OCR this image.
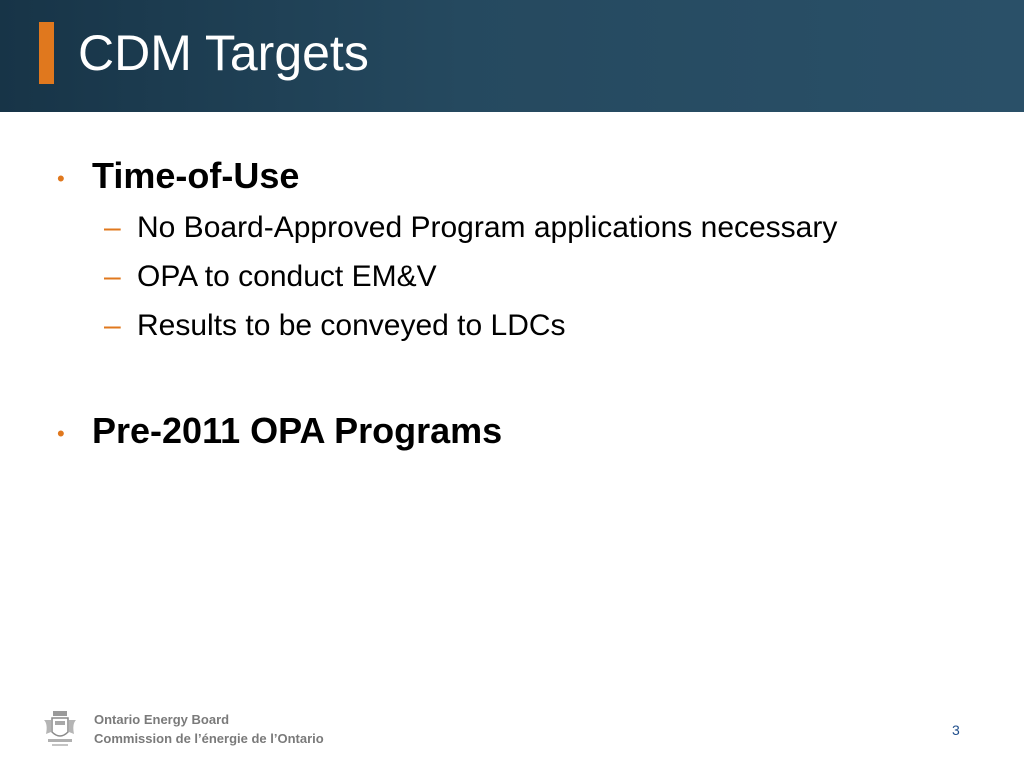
CDM Targets
• Time-of-Use
– No Board-Approved Program applications necessary
– OPA to conduct EM&V
– Results to be conveyed to LDCs
• Pre-2011 OPA Programs
Ontario Energy Board
Commission de l’énergie de l’Ontario
3
